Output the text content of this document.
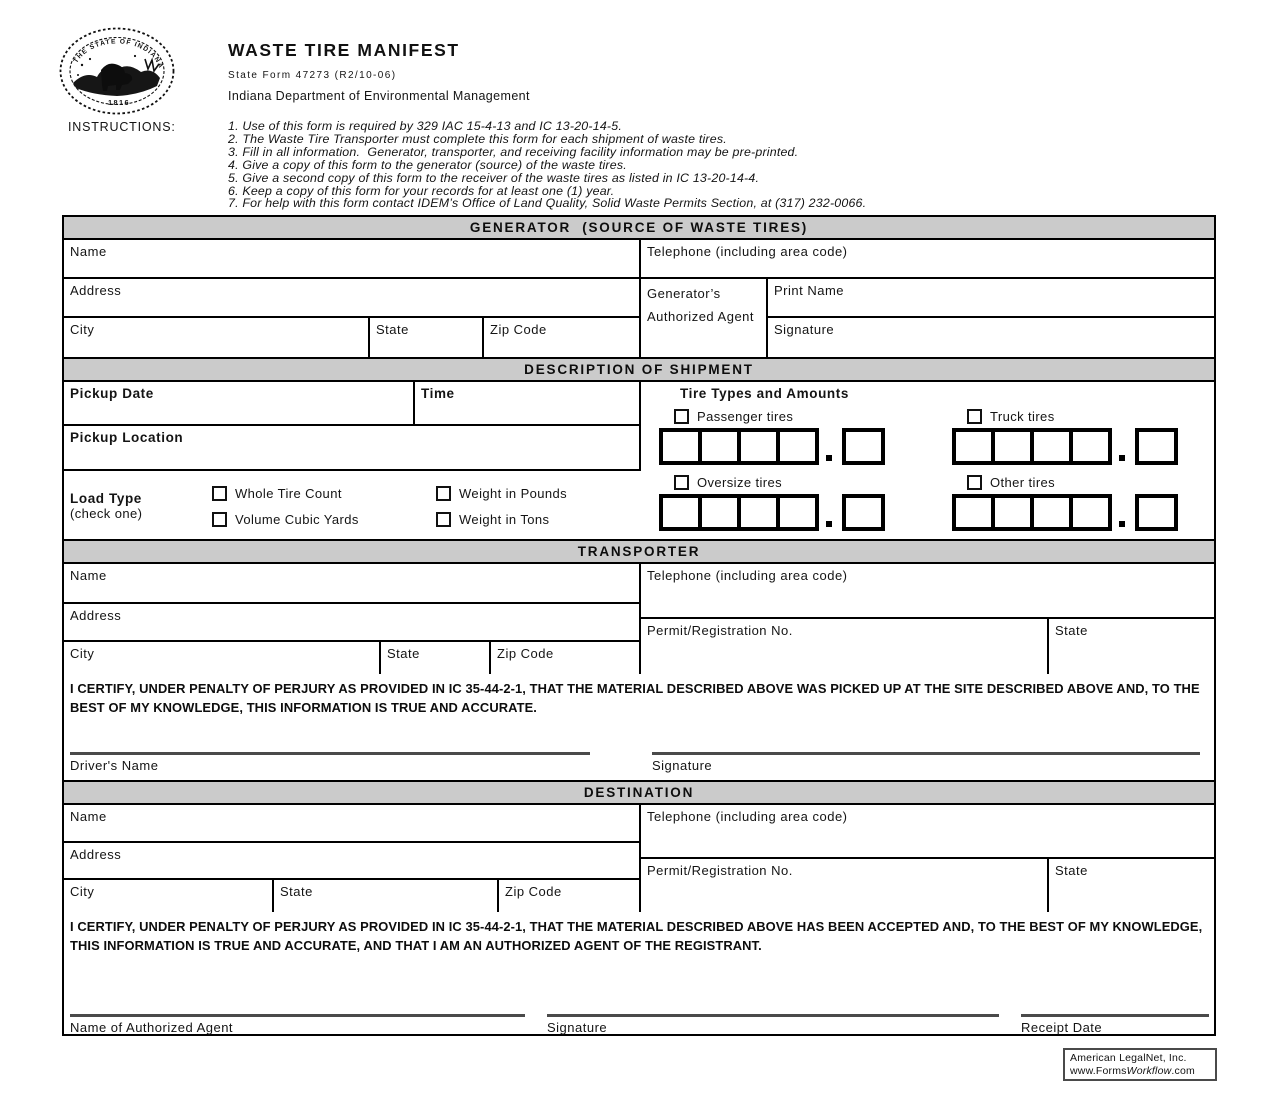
THE STATE OF INDIANA
1816
WASTE TIRE MANIFEST
State Form 47273 (R2/10-06)
Indiana Department of Environmental Management
INSTRUCTIONS:	1. Use of this form is required by 329 IAC 15-4-13 and IC 13-20-14-5.
2. The Waste Tire Transporter must complete this form for each shipment of waste tires.
3. Fill in all information.  Generator, transporter, and receiving facility information may be pre-printed.
4. Give a copy of this form to the generator (source) of the waste tires.
5. Give a second copy of this form to the receiver of the waste tires as listed in IC 13-20-14-4.
6. Keep a copy of this form for your records for at least one (1) year.
7. For help with this form contact IDEM’s Office of Land Quality, Solid Waste Permits Section, at (317) 232-0066.
GENERATOR  (SOURCE OF WASTE TIRES)
Name
Address
City	State	Zip Code
Telephone (including area code)
Generator’s Authorized Agent
Print Name
Signature
DESCRIPTION OF SHIPMENT
Pickup Date	Time
Pickup Location
Load Type
(check one)
Whole Tire Count	Weight in Pounds
Volume Cubic Yards	Weight in Tons
Tire Types and Amounts
Passenger tires	Truck tires
Oversize tires	Other tires
TRANSPORTER
Name
Address
City	State	Zip Code
Telephone (including area code)
Permit/Registration No.	State
I CERTIFY, UNDER PENALTY OF PERJURY AS PROVIDED IN IC 35-44-2-1, THAT THE MATERIAL DESCRIBED ABOVE WAS PICKED UP AT THE SITE DESCRIBED ABOVE AND, TO THE BEST OF MY KNOWLEDGE, THIS INFORMATION IS TRUE AND ACCURATE.
Driver's Name	Signature
DESTINATION
Name
Address
City	State	Zip Code
Telephone (including area code)
Permit/Registration No.	State
I CERTIFY, UNDER PENALTY OF PERJURY AS PROVIDED IN IC 35-44-2-1, THAT THE MATERIAL DESCRIBED ABOVE HAS BEEN ACCEPTED AND, TO THE BEST OF MY KNOWLEDGE, THIS INFORMATION IS TRUE AND ACCURATE, AND THAT I AM AN AUTHORIZED AGENT OF THE REGISTRANT.
Name of Authorized Agent	Signature	Receipt Date
American LegalNet, Inc.
www.FormsWorkflow.com
